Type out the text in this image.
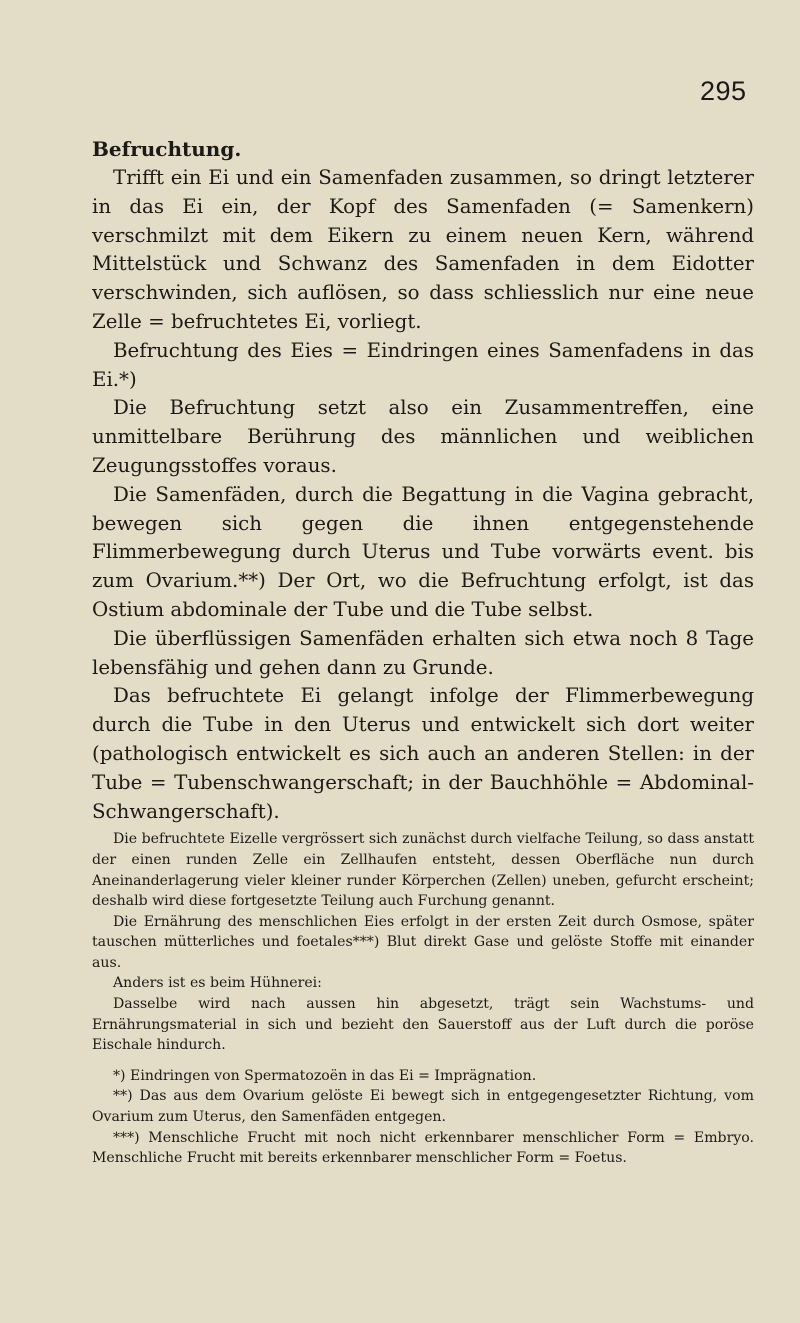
295
Befruchtung.

Trifft ein Ei und ein Samenfaden zusammen, so dringt letzterer in das Ei ein, der Kopf des Samenfaden (= Samenkern) verschmilzt mit dem Eikern zu einem neuen Kern, während Mittelstück und Schwanz des Samenfaden in dem Eidotter verschwinden, sich auflösen, so dass schliesslich nur eine neue Zelle = befruchtetes Ei, vorliegt.

Befruchtung des Eies = Eindringen eines Samenfadens in das Ei.*)

Die Befruchtung setzt also ein Zusammentreffen, eine unmittelbare Berührung des männlichen und weiblichen Zeugungsstoffes voraus.

Die Samenfäden, durch die Begattung in die Vagina gebracht, bewegen sich gegen die ihnen entgegenstehende Flimmerbewegung durch Uterus und Tube vorwärts event. bis zum Ovarium.**) Der Ort, wo die Befruchtung erfolgt, ist das Ostium abdominale der Tube und die Tube selbst.

Die überflüssigen Samenfäden erhalten sich etwa noch 8 Tage lebensfähig und gehen dann zu Grunde.

Das befruchtete Ei gelangt infolge der Flimmerbewegung durch die Tube in den Uterus und entwickelt sich dort weiter (pathologisch entwickelt es sich auch an anderen Stellen: in der Tube = Tubenschwangerschaft; in der Bauchhöhle = Abdominal-Schwangerschaft).

Die befruchtete Eizelle vergrössert sich zunächst durch vielfache Teilung, so dass anstatt der einen runden Zelle ein Zellhaufen entsteht, dessen Oberfläche nun durch Aneinanderlagerung vieler kleiner runder Körperchen (Zellen) uneben, gefurcht erscheint; deshalb wird diese fortgesetzte Teilung auch Furchung genannt.

Die Ernährung des menschlichen Eies erfolgt in der ersten Zeit durch Osmose, später tauschen mütterliches und foetales***) Blut direkt Gase und gelöste Stoffe mit einander aus.

Anders ist es beim Hühnerei:

Dasselbe wird nach aussen hin abgesetzt, trägt sein Wachstums- und Ernährungsmaterial in sich und bezieht den Sauerstoff aus der Luft durch die poröse Eischale hindurch.

*) Eindringen von Spermatozoën in das Ei = Imprägnation.

**) Das aus dem Ovarium gelöste Ei bewegt sich in entgegengesetzter Richtung, vom Ovarium zum Uterus, den Samenfäden entgegen.

***) Menschliche Frucht mit noch nicht erkennbarer menschlicher Form = Embryo. Menschliche Frucht mit bereits erkennbarer menschlicher Form = Foetus.
